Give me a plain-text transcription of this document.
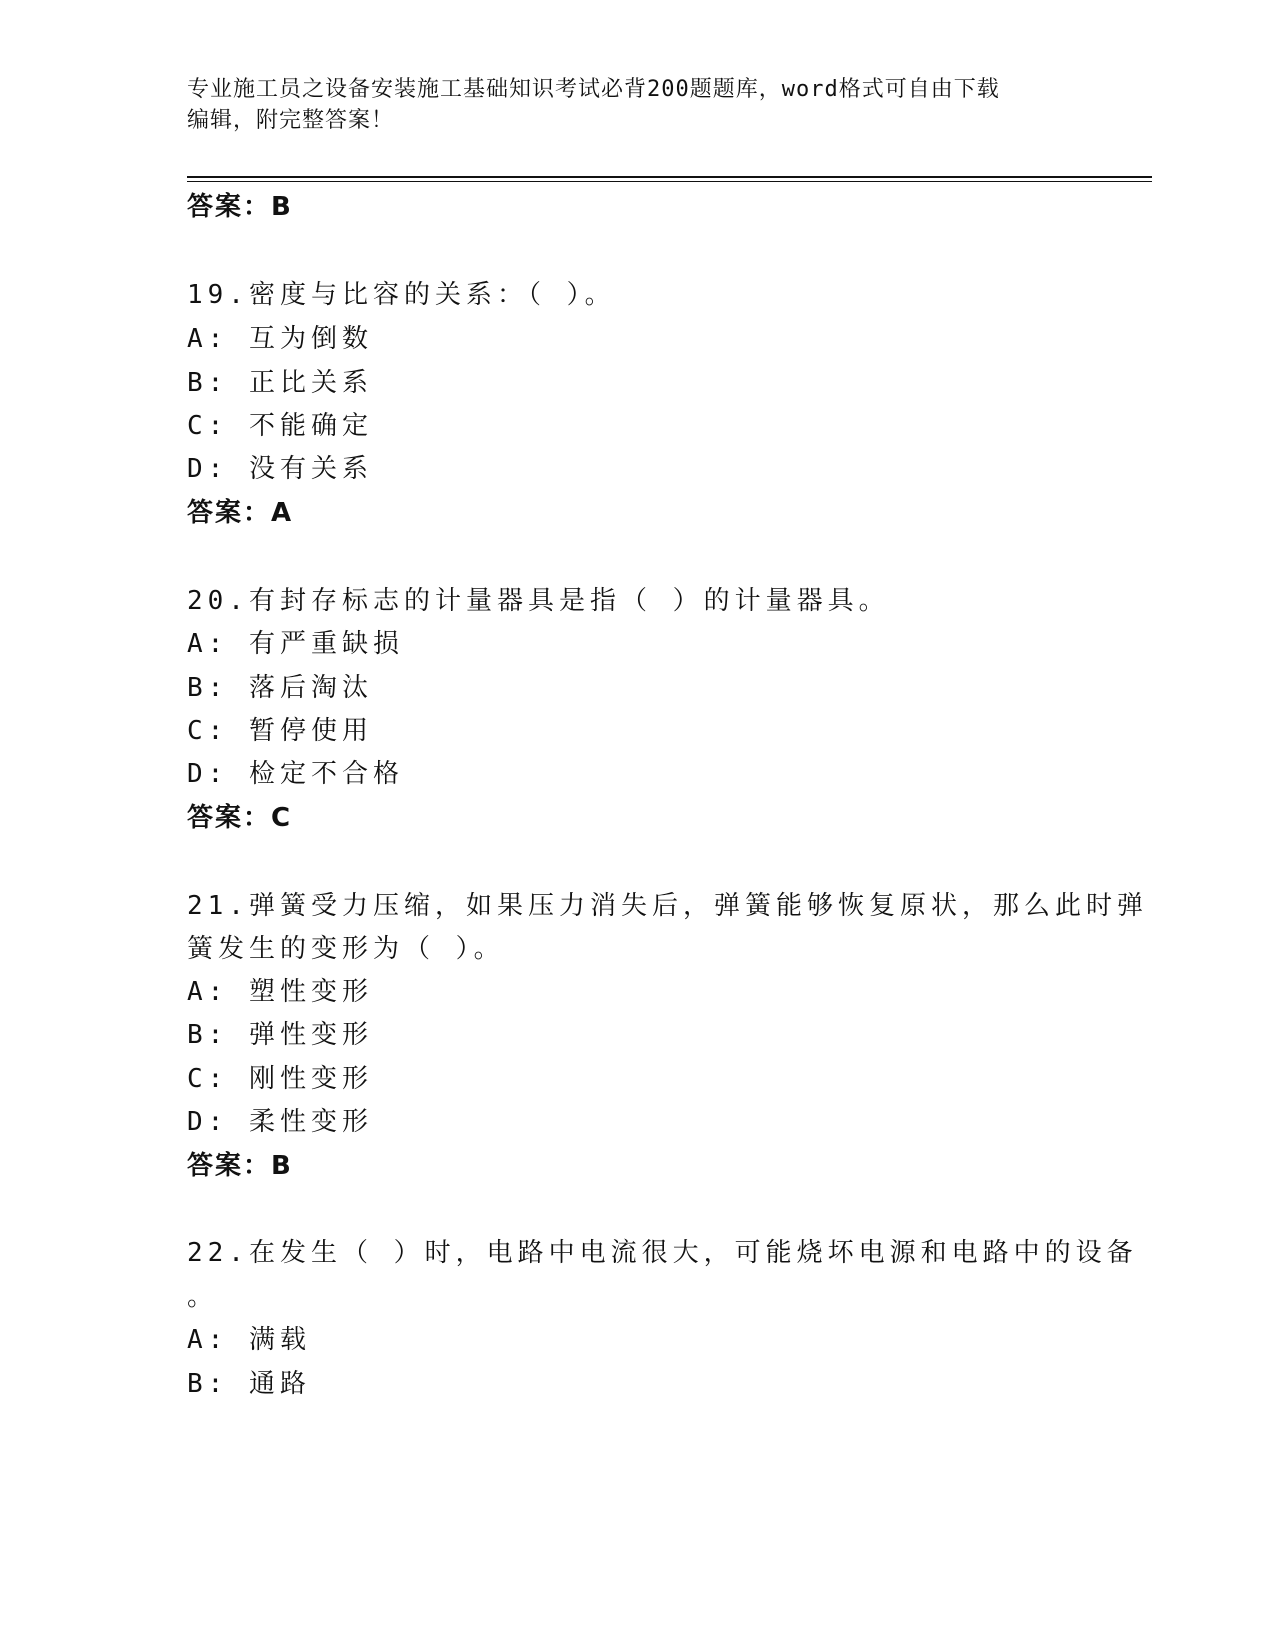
专业施工员之设备安装施工基础知识考试必背200题题库，word格式可自由下载
编辑，附完整答案！
答案：B
19.密度与比容的关系：（ ）。
A: 互为倒数
B: 正比关系
C: 不能确定
D: 没有关系
答案：A
20.有封存标志的计量器具是指（ ）的计量器具。
A: 有严重缺损
B: 落后淘汰
C: 暂停使用
D: 检定不合格
答案：C
21.弹簧受力压缩，如果压力消失后，弹簧能够恢复原状，那么此时弹
簧发生的变形为（ ）。
A: 塑性变形
B: 弹性变形
C: 刚性变形
D: 柔性变形
答案：B
22.在发生（ ）时，电路中电流很大，可能烧坏电源和电路中的设备
。
A: 满载
B: 通路
